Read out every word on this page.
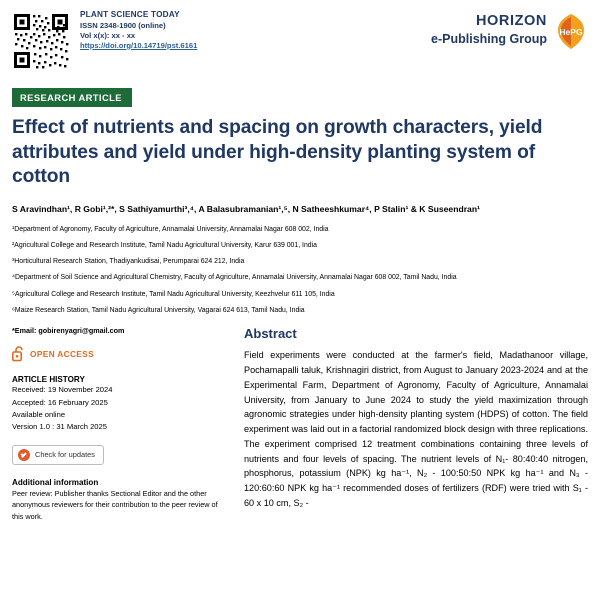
PLANT SCIENCE TODAY
ISSN 2348-1900 (online)
Vol x(x): xx - xx
https://doi.org/10.14719/pst.6161
HORIZON
e-Publishing Group HePG
RESEARCH ARTICLE
Effect of nutrients and spacing on growth characters, yield attributes and yield under high-density planting system of cotton
S Aravindhan¹, R Gobi¹,²*, S Sathiyamurthi³,⁴, A Balasubramanian¹,⁵, N Satheeshkumar⁴, P Stalin¹ & K Suseendran¹
¹Department of Agronomy, Faculty of Agriculture, Annamalai University, Annamalai Nagar 608 002, India
²Agricultural College and Research Institute, Tamil Nadu Agricultural University, Karur 639 001, India
³Horticultural Research Station, Thadiyankudisai, Perumparai 624 212, India
⁴Department of Soil Science and Agricultural Chemistry, Faculty of Agriculture, Annamalai University, Annamalai Nagar 608 002, Tamil Nadu, India
⁵Agricultural College and Research Institute, Tamil Nadu Agricultural University, Keezhvelur 611 105, India
⁶Maize Research Station, Tamil Nadu Agricultural University, Vagarai 624 613, Tamil Nadu, India
*Email: gobirenyagri@gmail.com
OPEN ACCESS
ARTICLE HISTORY
Received: 19 November 2024
Accepted: 16 February 2025
Available online
Version 1.0 : 31 March 2025
Check for updates
Additional information
Peer review: Publisher thanks Sectional Editor and the other anonymous reviewers for their contribution to the peer review of this work.
Abstract
Field experiments were conducted at the farmer's field, Madathanoor village, Pochamapalli taluk, Krishnagiri district, from August to January 2023-2024 and at the Experimental Farm, Department of Agronomy, Faculty of Agriculture, Annamalai University, from January to June 2024 to study the yield maximization through agronomic strategies under high-density planting system (HDPS) of cotton. The field experiment was laid out in a factorial randomized block design with three replications. The experiment comprised 12 treatment combinations containing three levels of nutrients and four levels of spacing. The nutrient levels of N₁- 80:40:40 nitrogen, phosphorus, potassium (NPK) kg ha⁻¹, N₂ - 100:50:50 NPK kg ha⁻¹ and N₃ - 120:60:60 NPK kg ha⁻¹ recommended doses of fertilizers (RDF) were tried with S₁ - 60 x 10 cm, S₂ -
